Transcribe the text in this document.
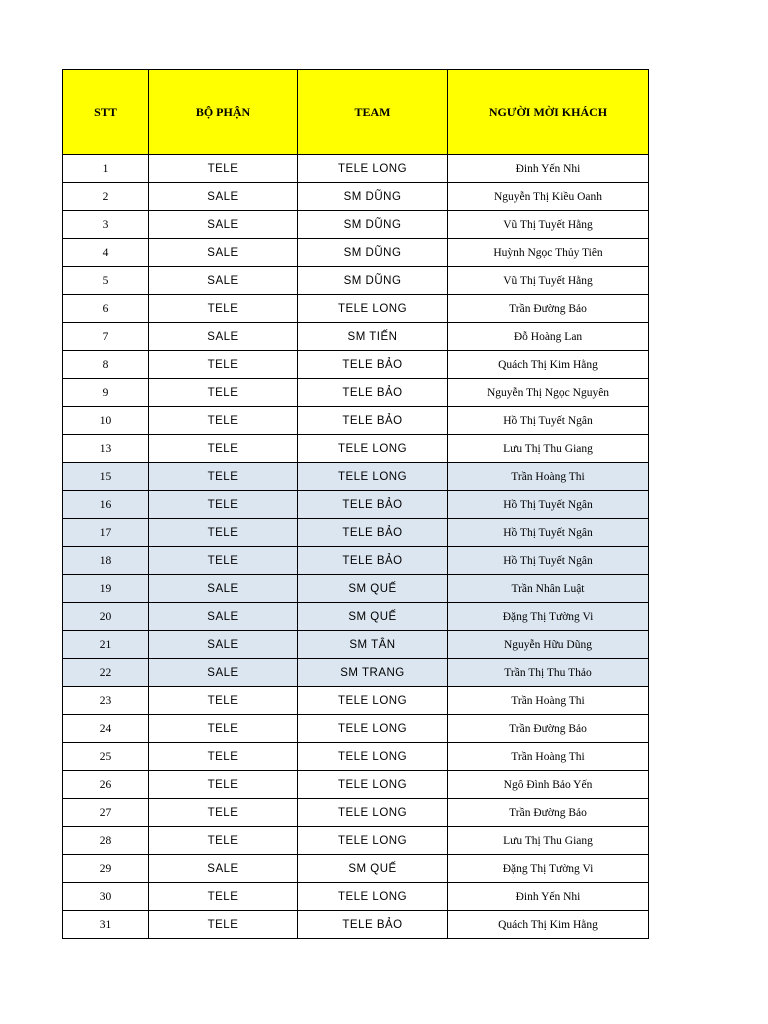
STT	BỘ PHẬN	TEAM	NGƯỜI MỜI KHÁCH
1	TELE	TELE LONG	Đinh Yến Nhi
2	SALE	SM DŨNG	Nguyễn Thị Kiều Oanh
3	SALE	SM DŨNG	Vũ Thị Tuyết Hằng
4	SALE	SM DŨNG	Huỳnh Ngọc Thủy Tiên
5	SALE	SM DŨNG	Vũ Thị Tuyết Hằng
6	TELE	TELE LONG	Trần Đường Bảo
7	SALE	SM TIẾN	Đỗ Hoàng Lan
8	TELE	TELE BẢO	Quách Thị Kim Hằng
9	TELE	TELE BẢO	Nguyễn Thị Ngọc Nguyên
10	TELE	TELE BẢO	Hồ Thị Tuyết Ngân
13	TELE	TELE LONG	Lưu Thị Thu Giang
15	TELE	TELE LONG	Trần Hoàng Thi
16	TELE	TELE BẢO	Hồ Thị Tuyết Ngân
17	TELE	TELE BẢO	Hồ Thị Tuyết Ngân
18	TELE	TELE BẢO	Hồ Thị Tuyết Ngân
19	SALE	SM QUẾ	Trần Nhân Luật
20	SALE	SM QUẾ	Đặng Thị Tường Vi
21	SALE	SM TÂN	Nguyễn Hữu Dũng
22	SALE	SM TRANG	Trần Thị Thu Thảo
23	TELE	TELE LONG	Trần Hoàng Thi
24	TELE	TELE LONG	Trần Đường Bảo
25	TELE	TELE LONG	Trần Hoàng Thi
26	TELE	TELE LONG	Ngô Đình Bảo Yến
27	TELE	TELE LONG	Trần Đường Bảo
28	TELE	TELE LONG	Lưu Thị Thu Giang
29	SALE	SM QUẾ	Đặng Thị Tường Vi
30	TELE	TELE LONG	Đinh Yến Nhi
31	TELE	TELE BẢO	Quách Thị Kim Hằng
